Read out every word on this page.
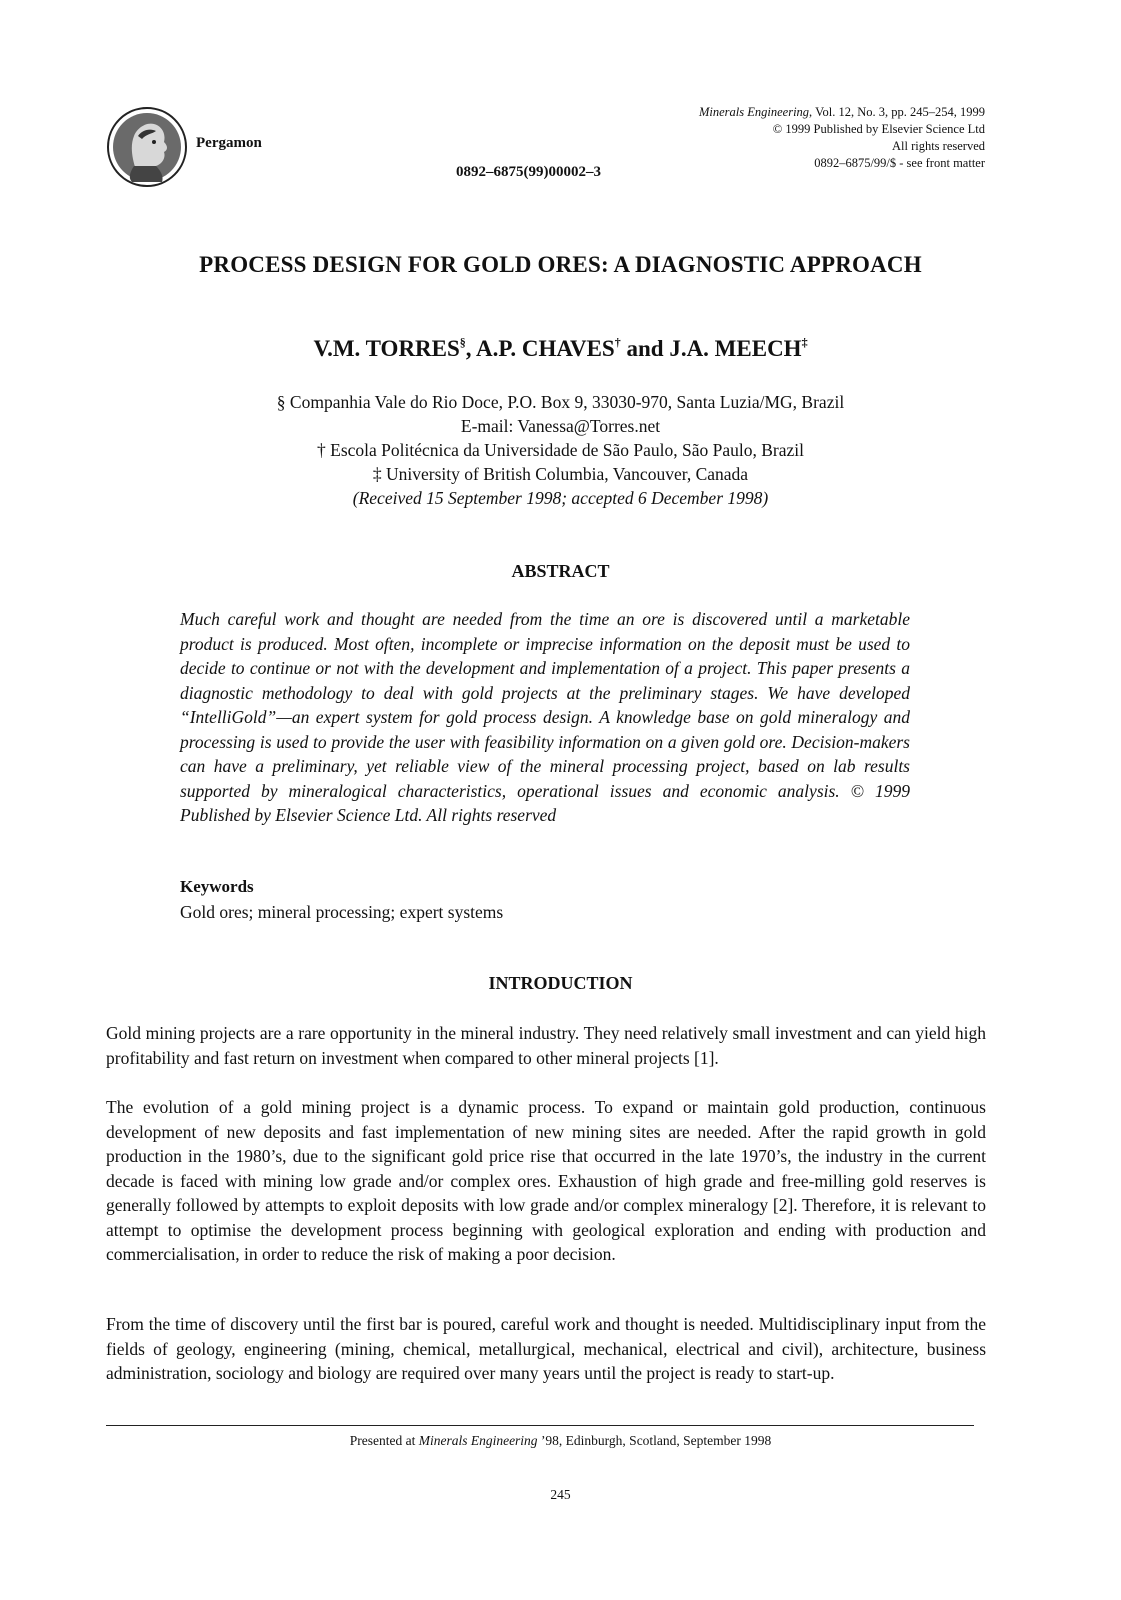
Pergamon
0892–6875(99)00002–3
Minerals Engineering, Vol. 12, No. 3, pp. 245–254, 1999
© 1999 Published by Elsevier Science Ltd
All rights reserved
0892–6875/99/$ - see front matter
PROCESS DESIGN FOR GOLD ORES: A DIAGNOSTIC APPROACH
V.M. TORRES§, A.P. CHAVES† and J.A. MEECH‡
§ Companhia Vale do Rio Doce, P.O. Box 9, 33030-970, Santa Luzia/MG, Brazil
E-mail: Vanessa@Torres.net
† Escola Politécnica da Universidade de São Paulo, São Paulo, Brazil
‡ University of British Columbia, Vancouver, Canada
(Received 15 September 1998; accepted 6 December 1998)
ABSTRACT
Much careful work and thought are needed from the time an ore is discovered until a marketable product is produced. Most often, incomplete or imprecise information on the deposit must be used to decide to continue or not with the development and implementation of a project. This paper presents a diagnostic methodology to deal with gold projects at the preliminary stages. We have developed “IntelliGold”—an expert system for gold process design. A knowledge base on gold mineralogy and processing is used to provide the user with feasibility information on a given gold ore. Decision-makers can have a preliminary, yet reliable view of the mineral processing project, based on lab results supported by mineralogical characteristics, operational issues and economic analysis. © 1999 Published by Elsevier Science Ltd. All rights reserved
Keywords
Gold ores; mineral processing; expert systems
INTRODUCTION
Gold mining projects are a rare opportunity in the mineral industry. They need relatively small investment and can yield high profitability and fast return on investment when compared to other mineral projects [1].
The evolution of a gold mining project is a dynamic process. To expand or maintain gold production, continuous development of new deposits and fast implementation of new mining sites are needed. After the rapid growth in gold production in the 1980’s, due to the significant gold price rise that occurred in the late 1970’s, the industry in the current decade is faced with mining low grade and/or complex ores. Exhaustion of high grade and free-milling gold reserves is generally followed by attempts to exploit deposits with low grade and/or complex mineralogy [2]. Therefore, it is relevant to attempt to optimise the development process beginning with geological exploration and ending with production and commercialisation, in order to reduce the risk of making a poor decision.
From the time of discovery until the first bar is poured, careful work and thought is needed. Multidisciplinary input from the fields of geology, engineering (mining, chemical, metallurgical, mechanical, electrical and civil), architecture, business administration, sociology and biology are required over many years until the project is ready to start-up.
Presented at Minerals Engineering ’98, Edinburgh, Scotland, September 1998
245
